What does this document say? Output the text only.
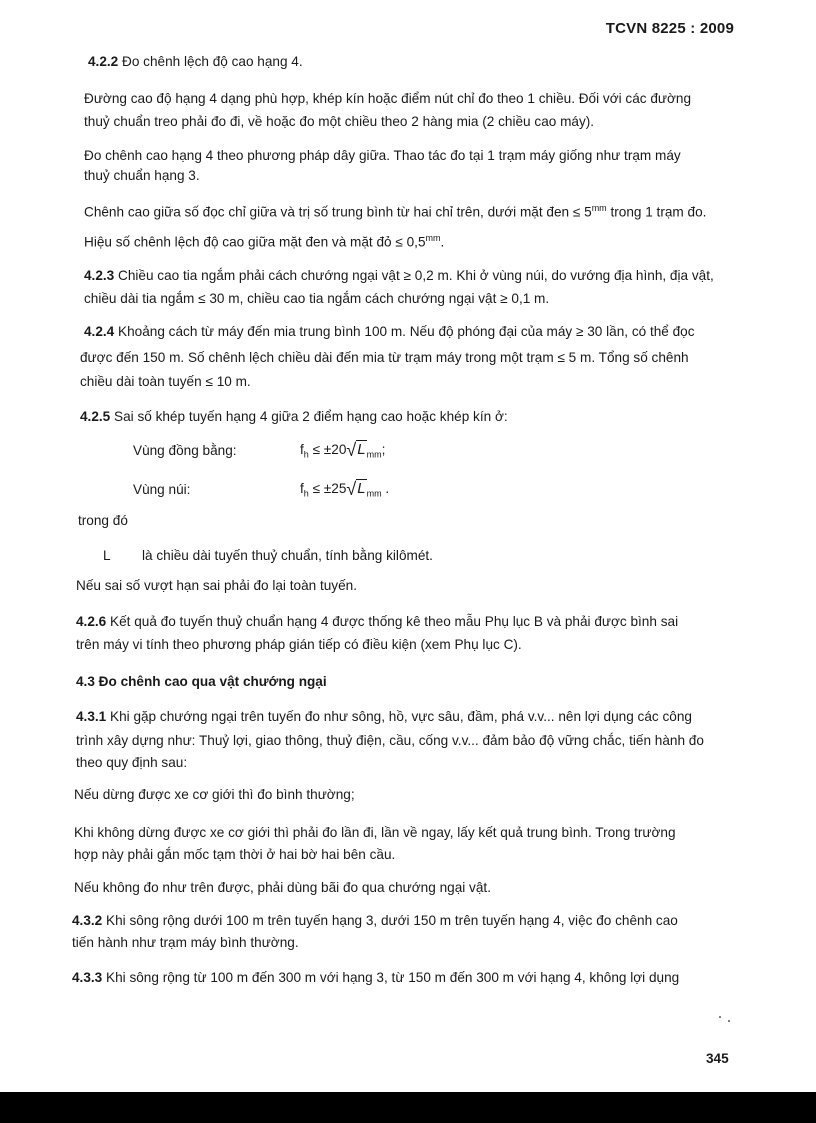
TCVN 8225 : 2009
4.2.2 Đo chênh lệch độ cao hạng 4.
Đường cao độ hạng 4 dạng phù hợp, khép kín hoặc điểm nút chỉ đo theo 1 chiều. Đối với các đường
thuỷ chuẩn treo phải đo đi, về hoặc đo một chiều theo 2 hàng mia (2 chiều cao máy).
Đo chênh cao hạng 4 theo phương pháp dây giữa. Thao tác đo tại 1 trạm máy giống như trạm máy
thuỷ chuẩn hạng 3.
Chênh cao giữa số đọc chỉ giữa và trị số trung bình từ hai chỉ trên, dưới mặt đen ≤ $5^{mm}$ trong 1 trạm đo.
Hiệu số chênh lệch độ cao giữa mặt đen và mặt đỏ ≤ $0,5^{mm}$.
4.2.3 Chiều cao tia ngắm phải cách chướng ngại vật ≥ 0,2 m. Khi ở vùng núi, do vướng địa hình, địa vật,
chiều dài tia ngắm ≤ 30 m, chiều cao tia ngắm cách chướng ngại vật ≥ 0,1 m.
4.2.4 Khoảng cách từ máy đến mia trung bình 100 m. Nếu độ phóng đại của máy ≥ 30 lần, có thể đọc
được đến 150 m. Số chênh lệch chiều dài đến mia từ trạm máy trong một trạm ≤ 5 m. Tổng số chênh
chiều dài toàn tuyến ≤ 10 m.
4.2.5 Sai số khép tuyến hạng 4 giữa 2 điểm hạng cao hoặc khép kín ở:
Vùng đồng bằng:	$f_h \le \pm 20√L_{mm}$;
Vùng núi:	$f_h \le \pm 25√L_{mm}$ .
trong đó
L là chiều dài tuyến thuỷ chuẩn, tính bằng kilômét.
Nếu sai số vượt hạn sai phải đo lại toàn tuyến.
4.2.6 Kết quả đo tuyến thuỷ chuẩn hạng 4 được thống kê theo mẫu Phụ lục B và phải được bình sai
trên máy vi tính theo phương pháp gián tiếp có điều kiện (xem Phụ lục C).
4.3 Đo chênh cao qua vật chướng ngại
4.3.1 Khi gặp chướng ngại trên tuyến đo như sông, hồ, vực sâu, đầm, phá v.v... nên lợi dụng các công
trình xây dựng như: Thuỷ lợi, giao thông, thuỷ điện, cầu, cống v.v... đảm bảo độ vững chắc, tiến hành đo
theo quy định sau:
Nếu dừng được xe cơ giới thì đo bình thường;
Khi không dừng được xe cơ giới thì phải đo lần đi, lần về ngay, lấy kết quả trung bình. Trong trường
hợp này phải gắn mốc tạm thời ở hai bờ hai bên cầu.
Nếu không đo như trên được, phải dùng bãi đo qua chướng ngại vật.
4.3.2 Khi sông rộng dưới 100 m trên tuyến hạng 3, dưới 150 m trên tuyến hạng 4, việc đo chênh cao
tiến hành như trạm máy bình thường.
4.3.3 Khi sông rộng từ 100 m đến 300 m với hạng 3, từ 150 m đến 300 m với hạng 4, không lợi dụng
345
